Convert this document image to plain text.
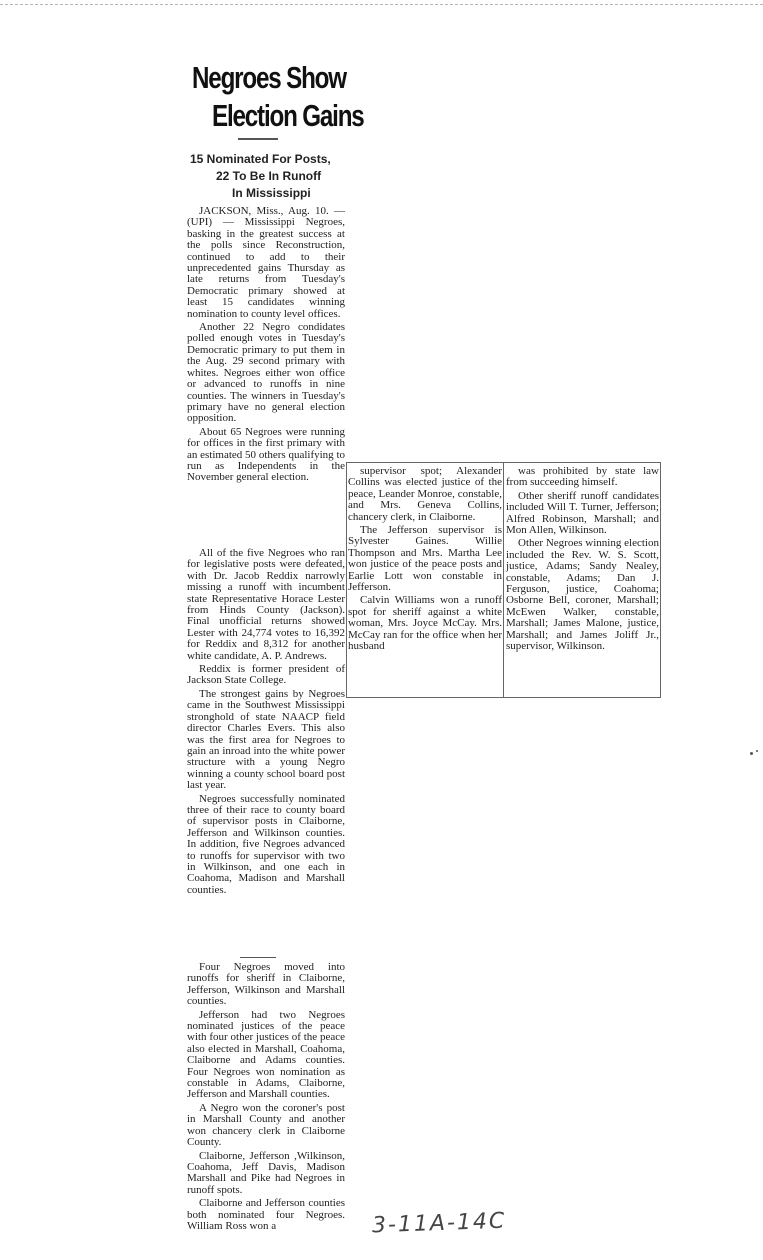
Negroes Show
Election Gains
15 Nominated For Posts,
22 To Be In Runoff
In Mississippi

JACKSON, Miss., Aug. 10. — (UPI) — Mississippi Negroes, basking in the greatest success at the polls since Reconstruction, continued to add to their unprecedented gains Thursday as late returns from Tuesday's Democratic primary showed at least 15 candidates winning nomination to county level offices.

Another 22 Negro condidates polled enough votes in Tuesday's Democratic primary to put them in the Aug. 29 second primary with whites. Negroes either won office or advanced to runoffs in nine counties. The winners in Tuesday's primary have no general election opposition.

About 65 Negroes were running for offices in the first primary with an estimated 50 others qualifying to run as Independents in the November general election.

All of the five Negroes who ran for legislative posts were defeated, with Dr. Jacob Reddix narrowly missing a runoff with incumbent state Representative Horace Lester from Hinds County (Jackson). Final unofficial returns showed Lester with 24,774 votes to 16,392 for Reddix and 8,312 for another white candidate, A. P. Andrews.

Reddix is former president of Jackson State College.

The strongest gains by Negroes came in the Southwest Mississippi stronghold of state NAACP field director Charles Evers. This also was the first area for Negroes to gain an inroad into the white power structure with a young Negro winning a county school board post last year.

Negroes successfully nominated three of their race to county board of supervisor posts in Claiborne, Jefferson and Wilkinson counties. In addition, five Negroes advanced to runoffs for supervisor with two in Wilkinson, and one each in Coahoma, Madison and Marshall counties.

Four Negroes moved into runoffs for sheriff in Claiborne, Jefferson, Wilkinson and Marshall counties.

Jefferson had two Negroes nominated justices of the peace with four other justices of the peace also elected in Marshall, Coahoma, Claiborne and Adams counties. Four Negroes won nomination as constable in Adams, Claiborne, Jefferson and Marshall counties.

A Negro won the coroner's post in Marshall County and another won chancery clerk in Claiborne County.

Claiborne, Jefferson ,Wilkinson, Coahoma, Jeff Davis, Madison Marshall and Pike had Negroes in runoff spots.

Claiborne and Jefferson counties both nominated four Negroes. William Ross won a

supervisor spot; Alexander Collins was elected justice of the peace, Leander Monroe, constable, and Mrs. Geneva Collins, chancery clerk, in Claiborne.

The Jefferson supervisor is Sylvester Gaines. Willie Thompson and Mrs. Martha Lee won justice of the peace posts and Earlie Lott won constable in Jefferson.

Calvin Williams won a runoff spot for sheriff against a white woman, Mrs. Joyce McCay. Mrs. McCay ran for the office when her husband

was prohibited by state law from succeeding himself.

Other sheriff runoff candidates included Will T. Turner, Jefferson; Alfred Robinson, Marshall; and Mon Allen, Wilkinson.

Other Negroes winning election included the Rev. W. S. Scott, justice, Adams; Sandy Nealey, constable, Adams; Dan J. Ferguson, justice, Coahoma; Osborne Bell, coroner, Marshall; McEwen Walker, constable, Marshall; James Malone, justice, Marshall; and James Joliff Jr., supervisor, Wilkinson.

3-11A-14C
